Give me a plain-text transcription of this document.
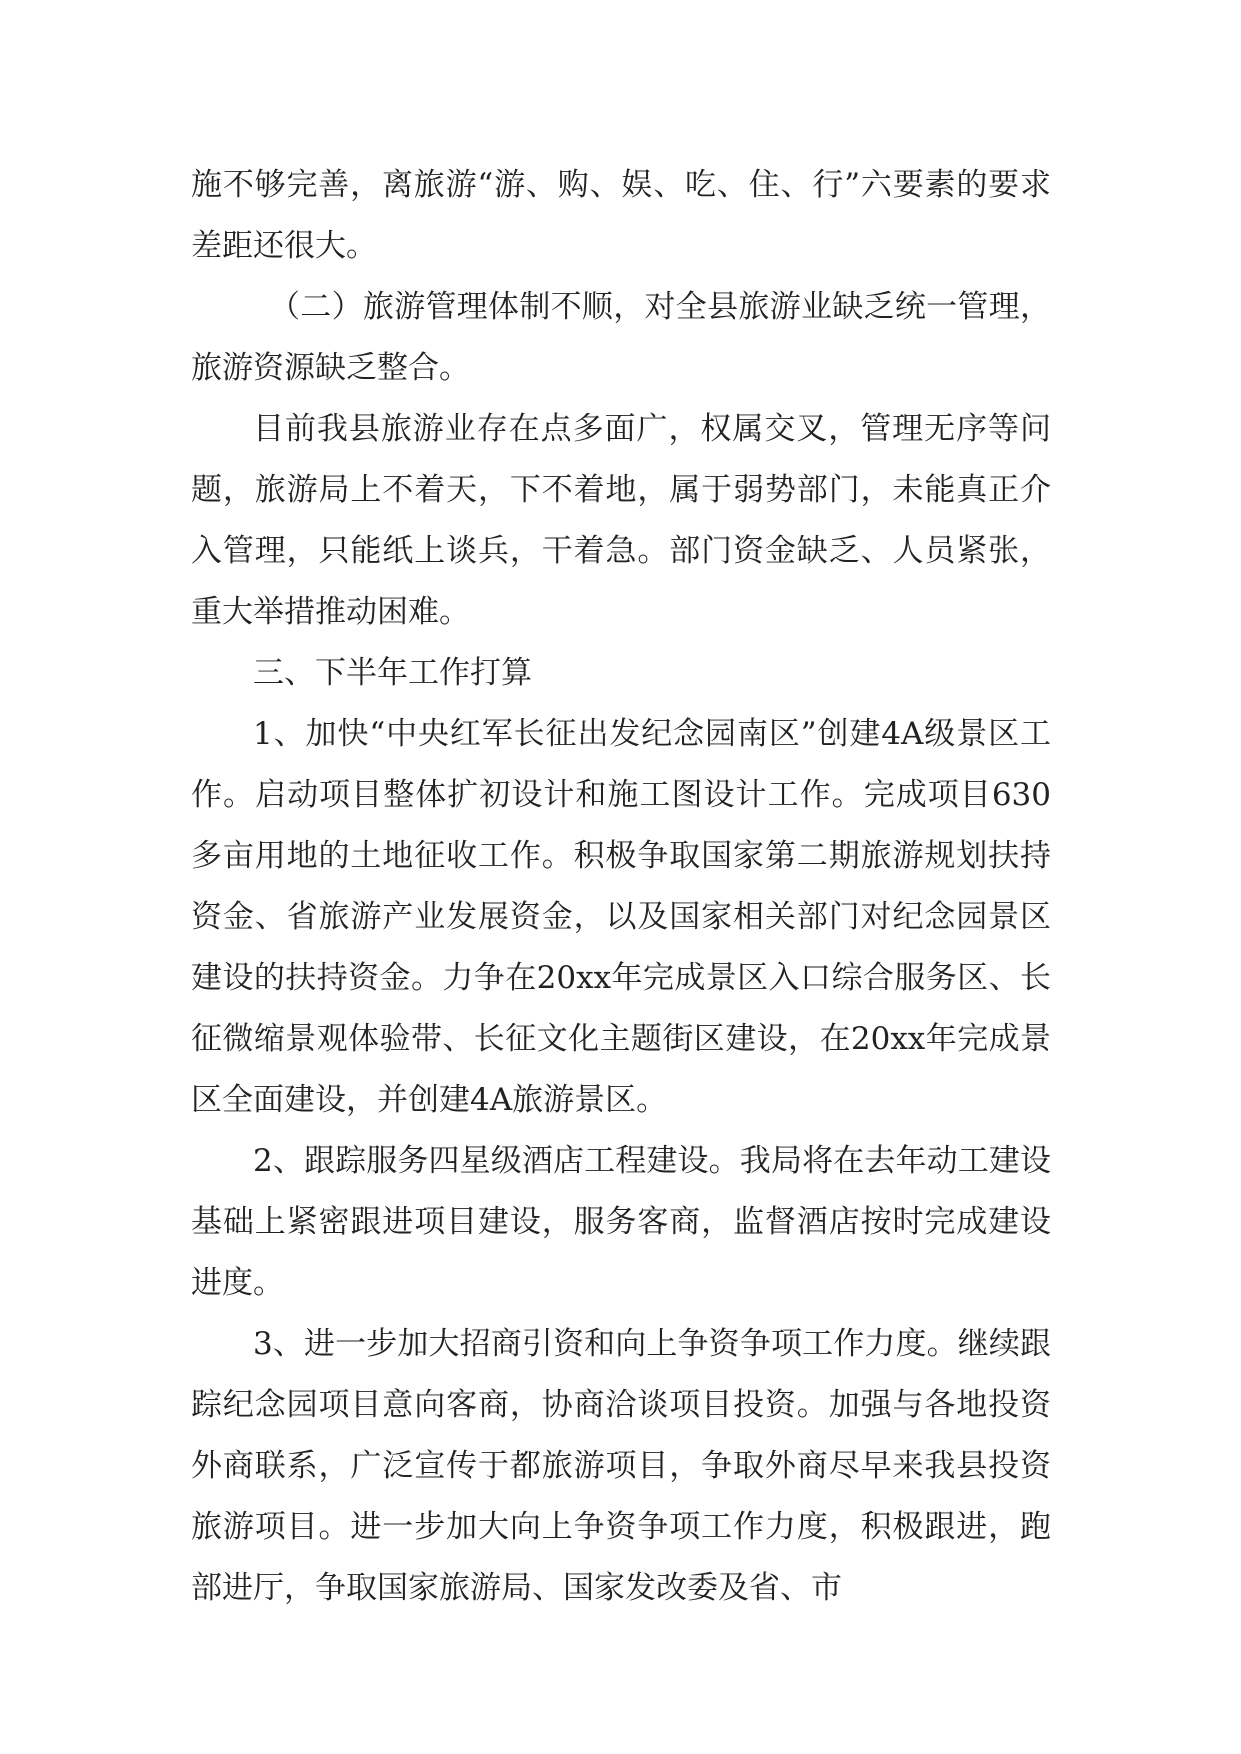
施不够完善，离旅游“游、购、娱、吃、住、行”六要素的要求差距还很大。

（二）旅游管理体制不顺，对全县旅游业缺乏统一管理，旅游资源缺乏整合。

目前我县旅游业存在点多面广，权属交叉，管理无序等问题，旅游局上不着天，下不着地，属于弱势部门，未能真正介入管理，只能纸上谈兵，干着急。部门资金缺乏、人员紧张，重大举措推动困难。

三、下半年工作打算

1、加快“中央红军长征出发纪念园南区”创建4A级景区工作。启动项目整体扩初设计和施工图设计工作。完成项目630多亩用地的土地征收工作。积极争取国家第二期旅游规划扶持资金、省旅游产业发展资金，以及国家相关部门对纪念园景区建设的扶持资金。力争在20xx年完成景区入口综合服务区、长征微缩景观体验带、长征文化主题街区建设，在20xx年完成景区全面建设，并创建4A旅游景区。

2、跟踪服务四星级酒店工程建设。我局将在去年动工建设基础上紧密跟进项目建设，服务客商，监督酒店按时完成建设进度。

3、进一步加大招商引资和向上争资争项工作力度。继续跟踪纪念园项目意向客商，协商洽谈项目投资。加强与各地投资外商联系，广泛宣传于都旅游项目，争取外商尽早来我县投资旅游项目。进一步加大向上争资争项工作力度，积极跟进，跑部进厅，争取国家旅游局、国家发改委及省、市
